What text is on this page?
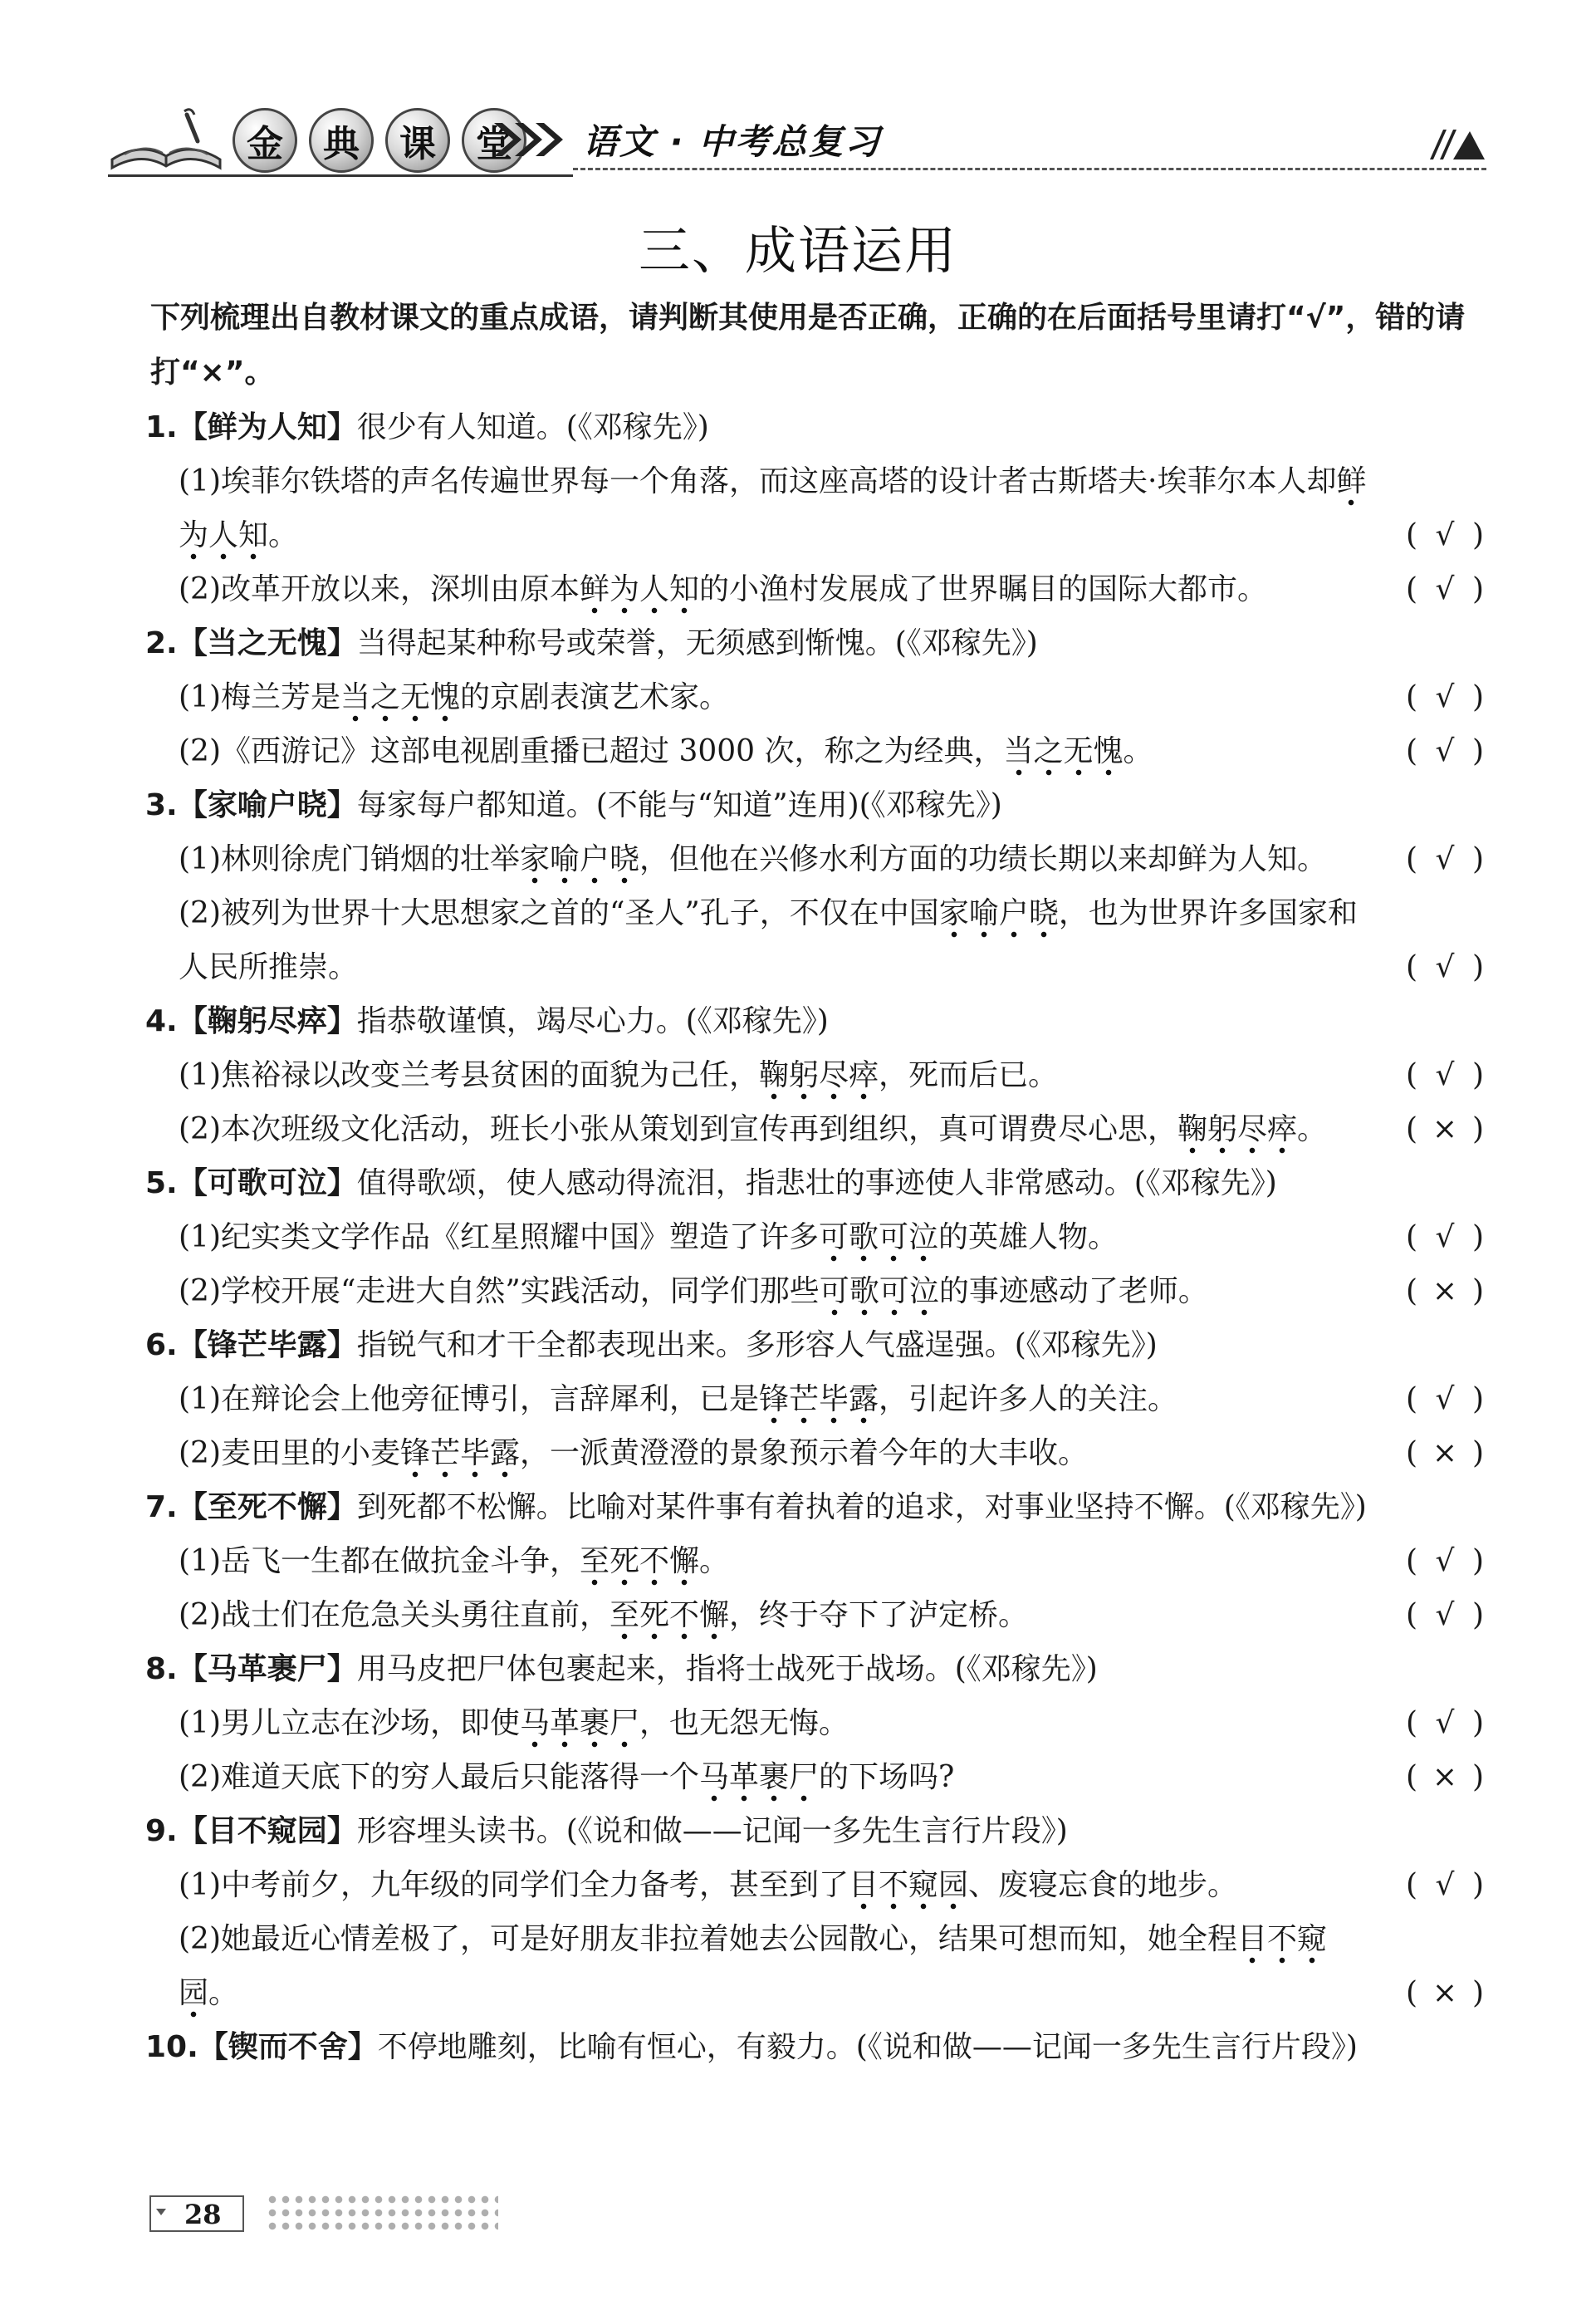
金	典	课	堂	语文 · 中考总复习
三、成语运用

下列梳理出自教材课文的重点成语，请判断其使用是否正确，正确的在后面括号里请打“√”，错的请打“×”。

1.【鲜为人知】很少有人知道。(《邓稼先》)
(1)埃菲尔铁塔的声名传遍世界每一个角落，而这座高塔的设计者古斯塔夫·埃菲尔本人却鲜为人知。	( √ )
(2)改革开放以来，深圳由原本鲜为人知的小渔村发展成了世界瞩目的国际大都市。	( √ )
2.【当之无愧】当得起某种称号或荣誉，无须感到惭愧。(《邓稼先》)
(1)梅兰芳是当之无愧的京剧表演艺术家。	( √ )
(2)《西游记》这部电视剧重播已超过 3000 次，称之为经典，当之无愧。	( √ )
3.【家喻户晓】每家每户都知道。(不能与“知道”连用)(《邓稼先》)
(1)林则徐虎门销烟的壮举家喻户晓，但他在兴修水利方面的功绩长期以来却鲜为人知。	( √ )
(2)被列为世界十大思想家之首的“圣人”孔子，不仅在中国家喻户晓，也为世界许多国家和人民所推崇。	( √ )
4.【鞠躬尽瘁】指恭敬谨慎，竭尽心力。(《邓稼先》)
(1)焦裕禄以改变兰考县贫困的面貌为己任，鞠躬尽瘁，死而后已。	( √ )
(2)本次班级文化活动，班长小张从策划到宣传再到组织，真可谓费尽心思，鞠躬尽瘁。	( × )
5.【可歌可泣】值得歌颂，使人感动得流泪，指悲壮的事迹使人非常感动。(《邓稼先》)
(1)纪实类文学作品《红星照耀中国》塑造了许多可歌可泣的英雄人物。	( √ )
(2)学校开展“走进大自然”实践活动，同学们那些可歌可泣的事迹感动了老师。	( × )
6.【锋芒毕露】指锐气和才干全都表现出来。多形容人气盛逞强。(《邓稼先》)
(1)在辩论会上他旁征博引，言辞犀利，已是锋芒毕露，引起许多人的关注。	( √ )
(2)麦田里的小麦锋芒毕露，一派黄澄澄的景象预示着今年的大丰收。	( × )
7.【至死不懈】到死都不松懈。比喻对某件事有着执着的追求，对事业坚持不懈。(《邓稼先》)
(1)岳飞一生都在做抗金斗争，至死不懈。	( √ )
(2)战士们在危急关头勇往直前，至死不懈，终于夺下了泸定桥。	( √ )
8.【马革裹尸】用马皮把尸体包裹起来，指将士战死于战场。(《邓稼先》)
(1)男儿立志在沙场，即使马革裹尸，也无怨无悔。	( √ )
(2)难道天底下的穷人最后只能落得一个马革裹尸的下场吗?	( × )
9.【目不窥园】形容埋头读书。(《说和做——记闻一多先生言行片段》)
(1)中考前夕，九年级的同学们全力备考，甚至到了目不窥园、废寝忘食的地步。	( √ )
(2)她最近心情差极了，可是好朋友非拉着她去公园散心，结果可想而知，她全程目不窥园。	( × )
10.【锲而不舍】不停地雕刻，比喻有恒心，有毅力。(《说和做——记闻一多先生言行片段》)
28
